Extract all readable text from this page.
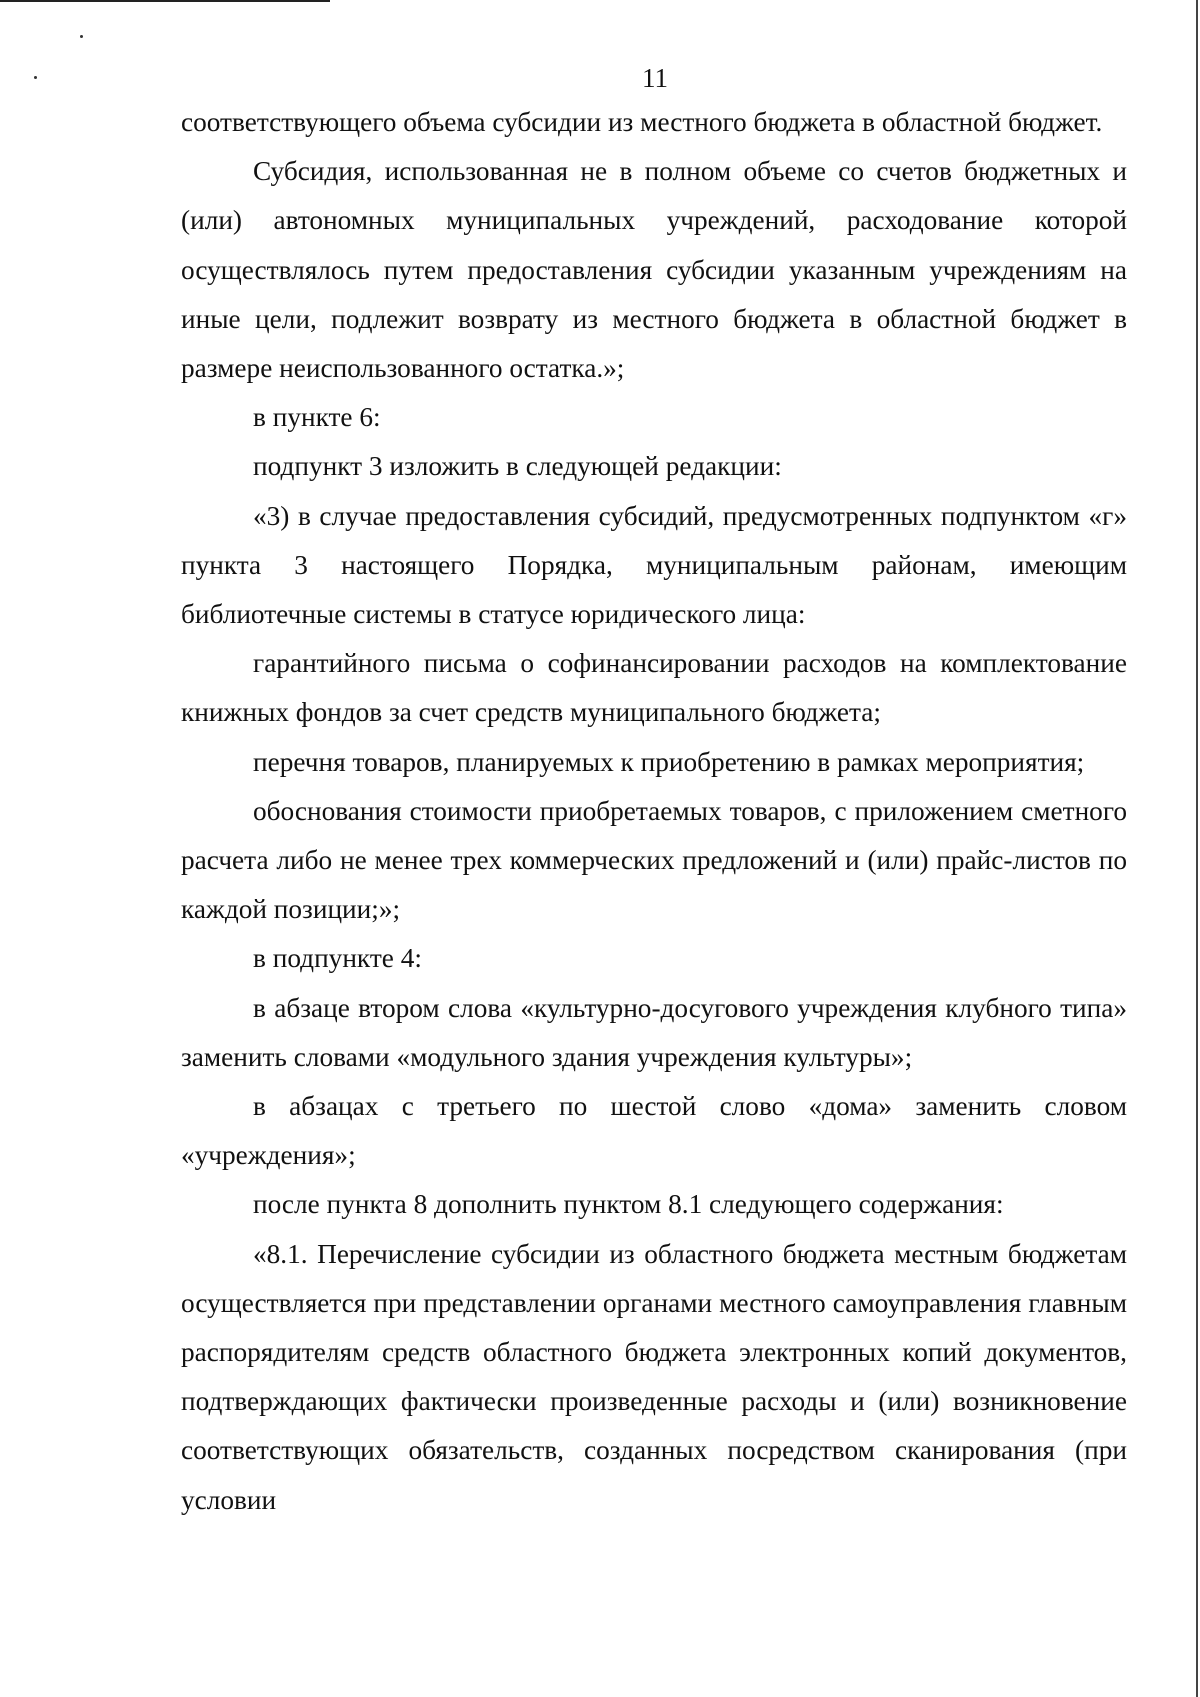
11

соответствующего объема субсидии из местного бюджета в областной бюджет.

Субсидия, использованная не в полном объеме со счетов бюджетных и (или) автономных муниципальных учреждений, расходование которой осуществлялось путем предоставления субсидии указанным учреждениям на иные цели, подлежит возврату из местного бюджета в областной бюджет в размере неиспользованного остатка.»;

в пункте 6:

подпункт 3 изложить в следующей редакции:

«3) в случае предоставления субсидий, предусмотренных подпунктом «г» пункта 3 настоящего Порядка, муниципальным районам, имеющим библиотечные системы в статусе юридического лица:

гарантийного письма о софинансировании расходов на комплектование книжных фондов за счет средств муниципального бюджета;

перечня товаров, планируемых к приобретению в рамках мероприятия;

обоснования стоимости приобретаемых товаров, с приложением сметного расчета либо не менее трех коммерческих предложений и (или) прайс-листов по каждой позиции;»;

в подпункте 4:

в абзаце втором слова «культурно-досугового учреждения клубного типа» заменить словами «модульного здания учреждения культуры»;

в абзацах с третьего по шестой слово «дома» заменить словом «учреждения»;

после пункта 8 дополнить пунктом 8.1 следующего содержания:

«8.1. Перечисление субсидии из областного бюджета местным бюджетам осуществляется при представлении органами местного самоуправления главным распорядителям средств областного бюджета электронных копий документов, подтверждающих фактически произведенные расходы и (или) возникновение соответствующих обязательств, созданных посредством сканирования (при условии
